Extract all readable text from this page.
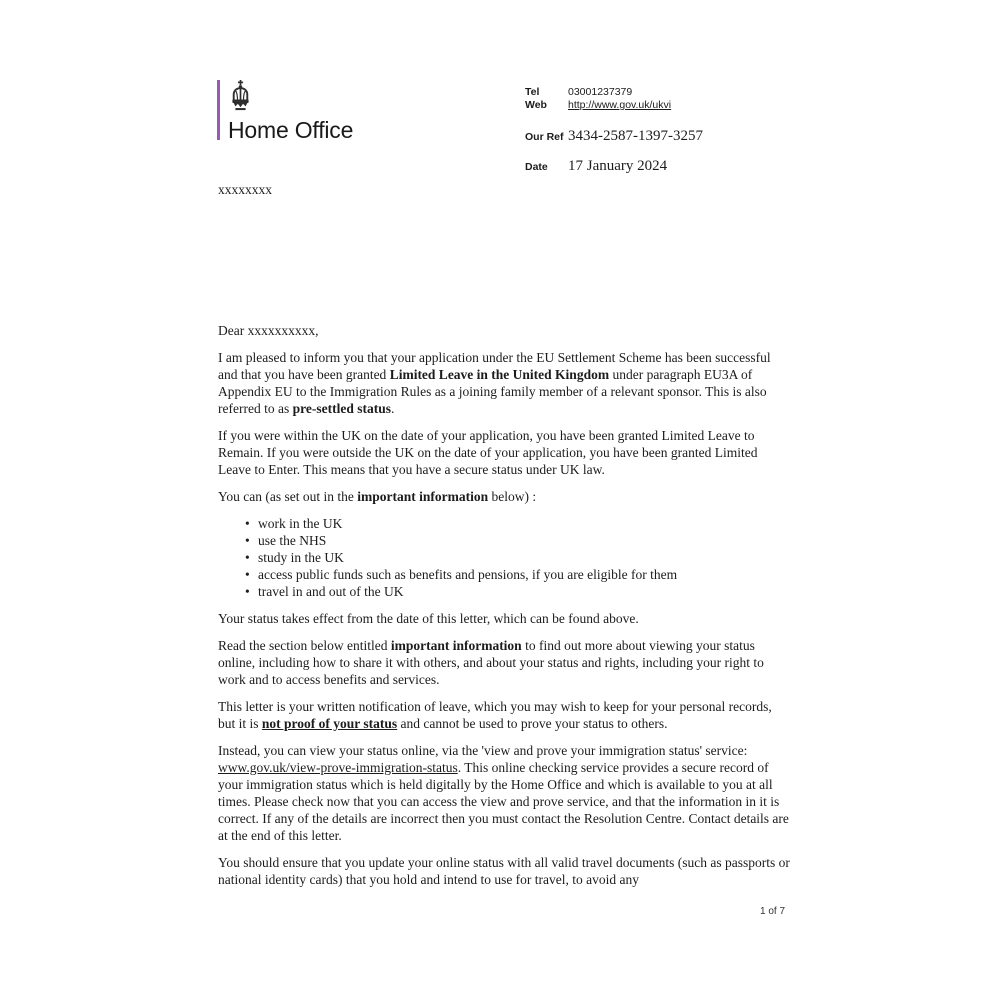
Home Office
Tel	03001237379
Web	http://www.gov.uk/ukvi
Our Ref 3434-2587-1397-3257
Date	17 January 2024
xxxxxxxx

Dear xxxxxxxxxx,

I am pleased to inform you that your application under the EU Settlement Scheme has been successful and that you have been granted Limited Leave in the United Kingdom under paragraph EU3A of Appendix EU to the Immigration Rules as a joining family member of a relevant sponsor. This is also referred to as pre-settled status.

If you were within the UK on the date of your application, you have been granted Limited Leave to Remain. If you were outside the UK on the date of your application, you have been granted Limited Leave to Enter. This means that you have a secure status under UK law.

You can (as set out in the important information below) :

• work in the UK
• use the NHS
• study in the UK
• access public funds such as benefits and pensions, if you are eligible for them
• travel in and out of the UK

Your status takes effect from the date of this letter, which can be found above.

Read the section below entitled important information to find out more about viewing your status online, including how to share it with others, and about your status and rights, including your right to work and to access benefits and services.

This letter is your written notification of leave, which you may wish to keep for your personal records, but it is not proof of your status and cannot be used to prove your status to others.

Instead, you can view your status online, via the 'view and prove your immigration status' service: www.gov.uk/view-prove-immigration-status. This online checking service provides a secure record of your immigration status which is held digitally by the Home Office and which is available to you at all times. Please check now that you can access the view and prove service, and that the information in it is correct. If any of the details are incorrect then you must contact the Resolution Centre. Contact details are at the end of this letter.

You should ensure that you update your online status with all valid travel documents (such as passports or national identity cards) that you hold and intend to use for travel, to avoid any

1 of 7
